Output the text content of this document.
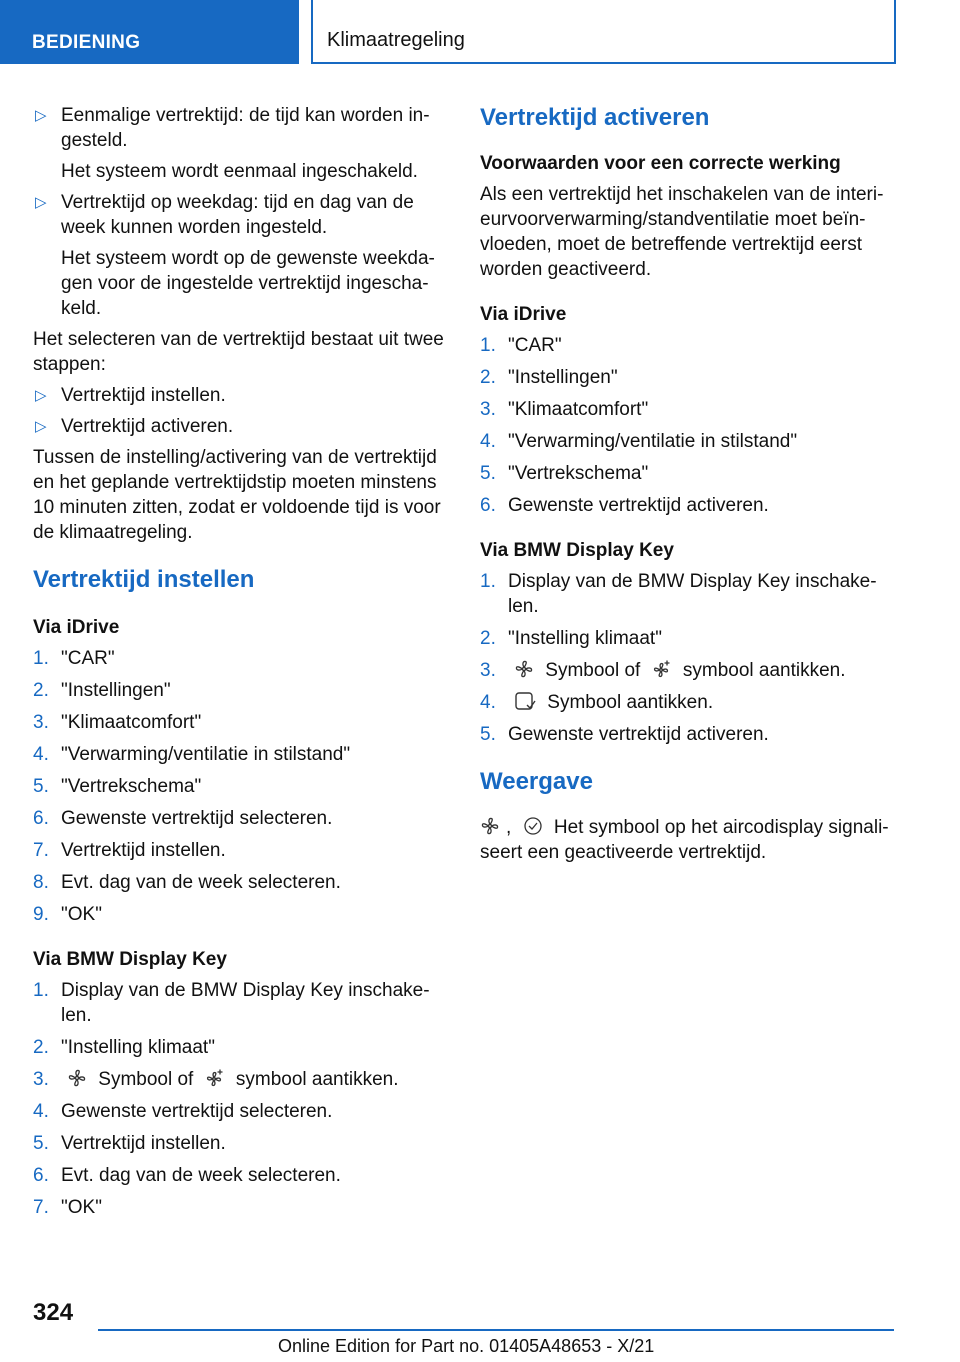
BEDIENING	Klimaatregeling
▷ Eenmalige vertrektijd: de tijd kan worden in-gesteld.
Het systeem wordt eenmaal ingeschakeld.
▷ Vertrektijd op weekdag: tijd en dag van de week kunnen worden ingesteld.
Het systeem wordt op de gewenste weekda-gen voor de ingestelde vertrektijd ingescha-keld.

Het selecteren van de vertrektijd bestaat uit twee stappen:

▷ Vertrektijd instellen.
▷ Vertrektijd activeren.

Tussen de instelling/activering van de vertrektijd en het geplande vertrektijdstip moeten minstens 10 minuten zitten, zodat er voldoende tijd is voor de klimaatregeling.

Vertrektijd instellen
Via iDrive
1. "CAR"
2. "Instellingen"
3. "Klimaatcomfort"
4. "Verwarming/ventilatie in stilstand"
5. "Vertrekschema"
6. Gewenste vertrektijd selecteren.
7. Vertrektijd instellen.
8. Evt. dag van de week selecteren.
9. "OK"
Via BMW Display Key
1. Display van de BMW Display Key inschake-len.
2. "Instelling klimaat"
3.	Symbool of symbool aantikken.
4. Gewenste vertrektijd selecteren.
5. Vertrektijd instellen.
6. Evt. dag van de week selecteren.
7. "OK"
Vertrektijd activeren
Voorwaarden voor een correcte werking

Als een vertrektijd het inschakelen van de interi-eurvoorverwarming/standventilatie moet beïn-vloeden, moet de betreffende vertrektijd eerst worden geactiveerd.

Via iDrive
1. "CAR"
2. "Instellingen"
3. "Klimaatcomfort"
4. "Verwarming/ventilatie in stilstand"
5. "Vertrekschema"
6. Gewenste vertrektijd activeren.
Via BMW Display Key
1. Display van de BMW Display Key inschake-len.
2. "Instelling klimaat"
3.	Symbool of symbool aantikken.
4.	Symbool aantikken.
5. Gewenste vertrektijd activeren.
Weergave

, Het symbool op het aircodisplay signali-seert een geactiveerde vertrektijd.

324
Online Edition for Part no. 01405A48653 - X/21
